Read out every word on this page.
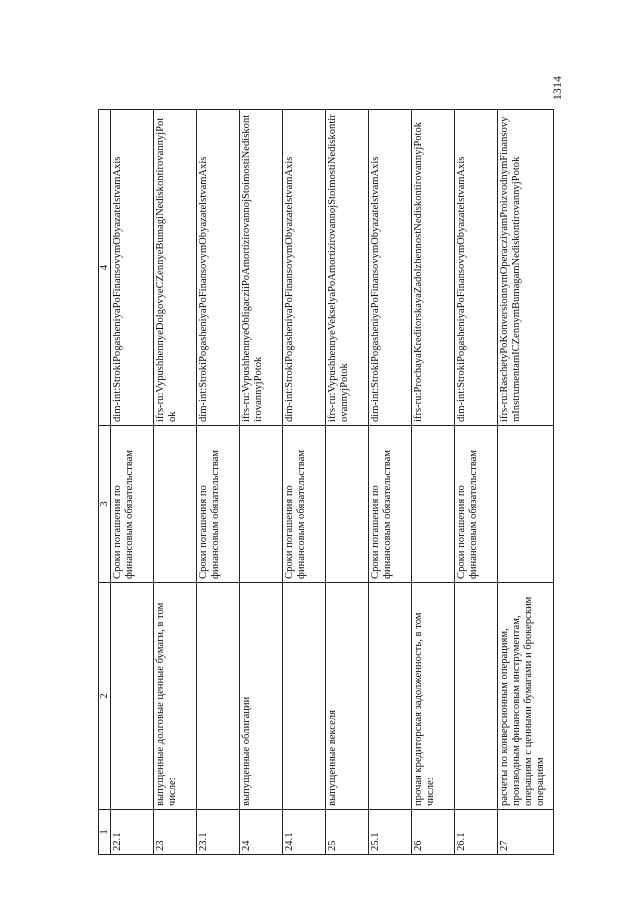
1	2	3	4
22.1		Сроки погашения по финансовым обязательствам	dim-int:StrokiPogasheniyaPoFinansovymObyazatelstvamAxis
23	выпущенные долговые ценные бумаги, в том числе:		ifrs-ru:VypushhennyeDolgovyeCZennyeBumagiNediskontirovannyjPotok
23.1		Сроки погашения по финансовым обязательствам	dim-int:StrokiPogasheniyaPoFinansovymObyazatelstvamAxis
24	выпущенные облигации		ifrs-ru:VypushhennyeObligacziiPoAmortizirovannojStoimostiNediskontirovannyjPotok
24.1		Сроки погашения по финансовым обязательствам	dim-int:StrokiPogasheniyaPoFinansovymObyazatelstvamAxis
25	выпущенные векселя		ifrs-ru:VypushhennyeVekselyaPoAmortizirovannojStoimostiNediskontirovannyjPotok
25.1		Сроки погашения по финансовым обязательствам	dim-int:StrokiPogasheniyaPoFinansovymObyazatelstvamAxis
26	прочая кредиторская задолженность, в том числе:		ifrs-ru:ProchayaKreditorskayaZadolzhennostNediskontirovannyjPotok
26.1		Сроки погашения по финансовым обязательствам	dim-int:StrokiPogasheniyaPoFinansovymObyazatelstvamAxis
27	расчеты по конверсионным операциям, производным финансовым инструментам, операциям с ценными бумагами и брокерским операциям		ifrs-ru:RaschetyPoKonversionnymOperacziyamProizvodnymFinansovymInstrumentamICZennymBumagamNediskontirovannyjPotok
1314
